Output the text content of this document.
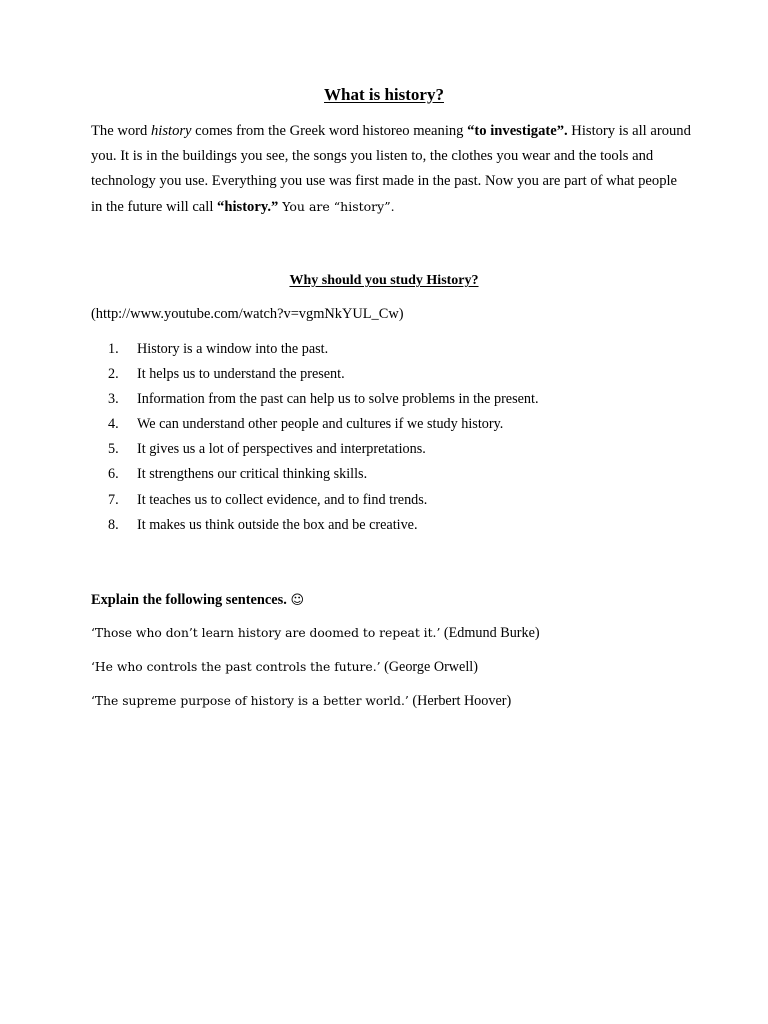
What is history?
The word history comes from the Greek word historeo meaning “to investigate”. History is all around you. It is in the buildings you see, the songs you listen to, the clothes you wear and the tools and technology you use. Everything you use was first made in the past. Now you are part of what people in the future will call “history.” You are “history”.
Why should you study History?
(http://www.youtube.com/watch?v=vgmNkYUL_Cw)
1. History is a window into the past.
2. It helps us to understand the present.
3. Information from the past can help us to solve problems in the present.
4. We can understand other people and cultures if we study history.
5. It gives us a lot of perspectives and interpretations.
6. It strengthens our critical thinking skills.
7. It teaches us to collect evidence, and to find trends.
8. It makes us think outside the box and be creative.
Explain the following sentences. ☺
‘Those who don’t learn history are doomed to repeat it.’ (Edmund Burke)
‘He who controls the past controls the future.’ (George Orwell)
‘The supreme purpose of history is a better world.’ (Herbert Hoover)
